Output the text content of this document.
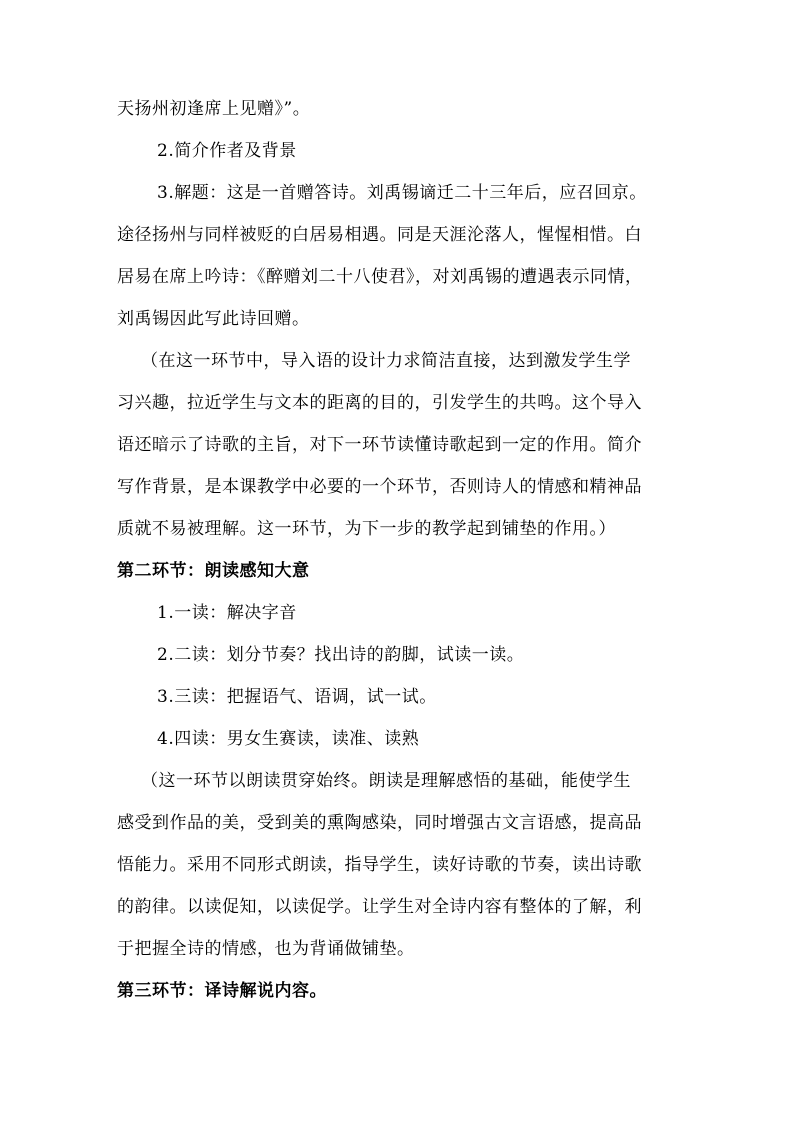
天扬州初逢席上见赠》”。
2.简介作者及背景
3.解题：这是一首赠答诗。刘禹锡谪迁二十三年后，应召回京。
途径扬州与同样被贬的白居易相遇。同是天涯沦落人，惺惺相惜。白
居易在席上吟诗：《醉赠刘二十八使君》，对刘禹锡的遭遇表示同情，
刘禹锡因此写此诗回赠。
（在这一环节中，导入语的设计力求简洁直接，达到激发学生学
习兴趣，拉近学生与文本的距离的目的，引发学生的共鸣。这个导入
语还暗示了诗歌的主旨，对下一环节读懂诗歌起到一定的作用。简介
写作背景，是本课教学中必要的一个环节，否则诗人的情感和精神品
质就不易被理解。这一环节，为下一步的教学起到铺垫的作用。）
第二环节：朗读感知大意
1.一读：解决字音
2.二读：划分节奏？找出诗的韵脚，试读一读。
3.三读：把握语气、语调，试一试。
4.四读：男女生赛读，读准、读熟
（这一环节以朗读贯穿始终。朗读是理解感悟的基础，能使学生
感受到作品的美，受到美的熏陶感染，同时增强古文言语感，提高品
悟能力。采用不同形式朗读，指导学生，读好诗歌的节奏，读出诗歌
的韵律。以读促知，以读促学。让学生对全诗内容有整体的了解，利
于把握全诗的情感，也为背诵做铺垫。
第三环节：译诗解说内容。
